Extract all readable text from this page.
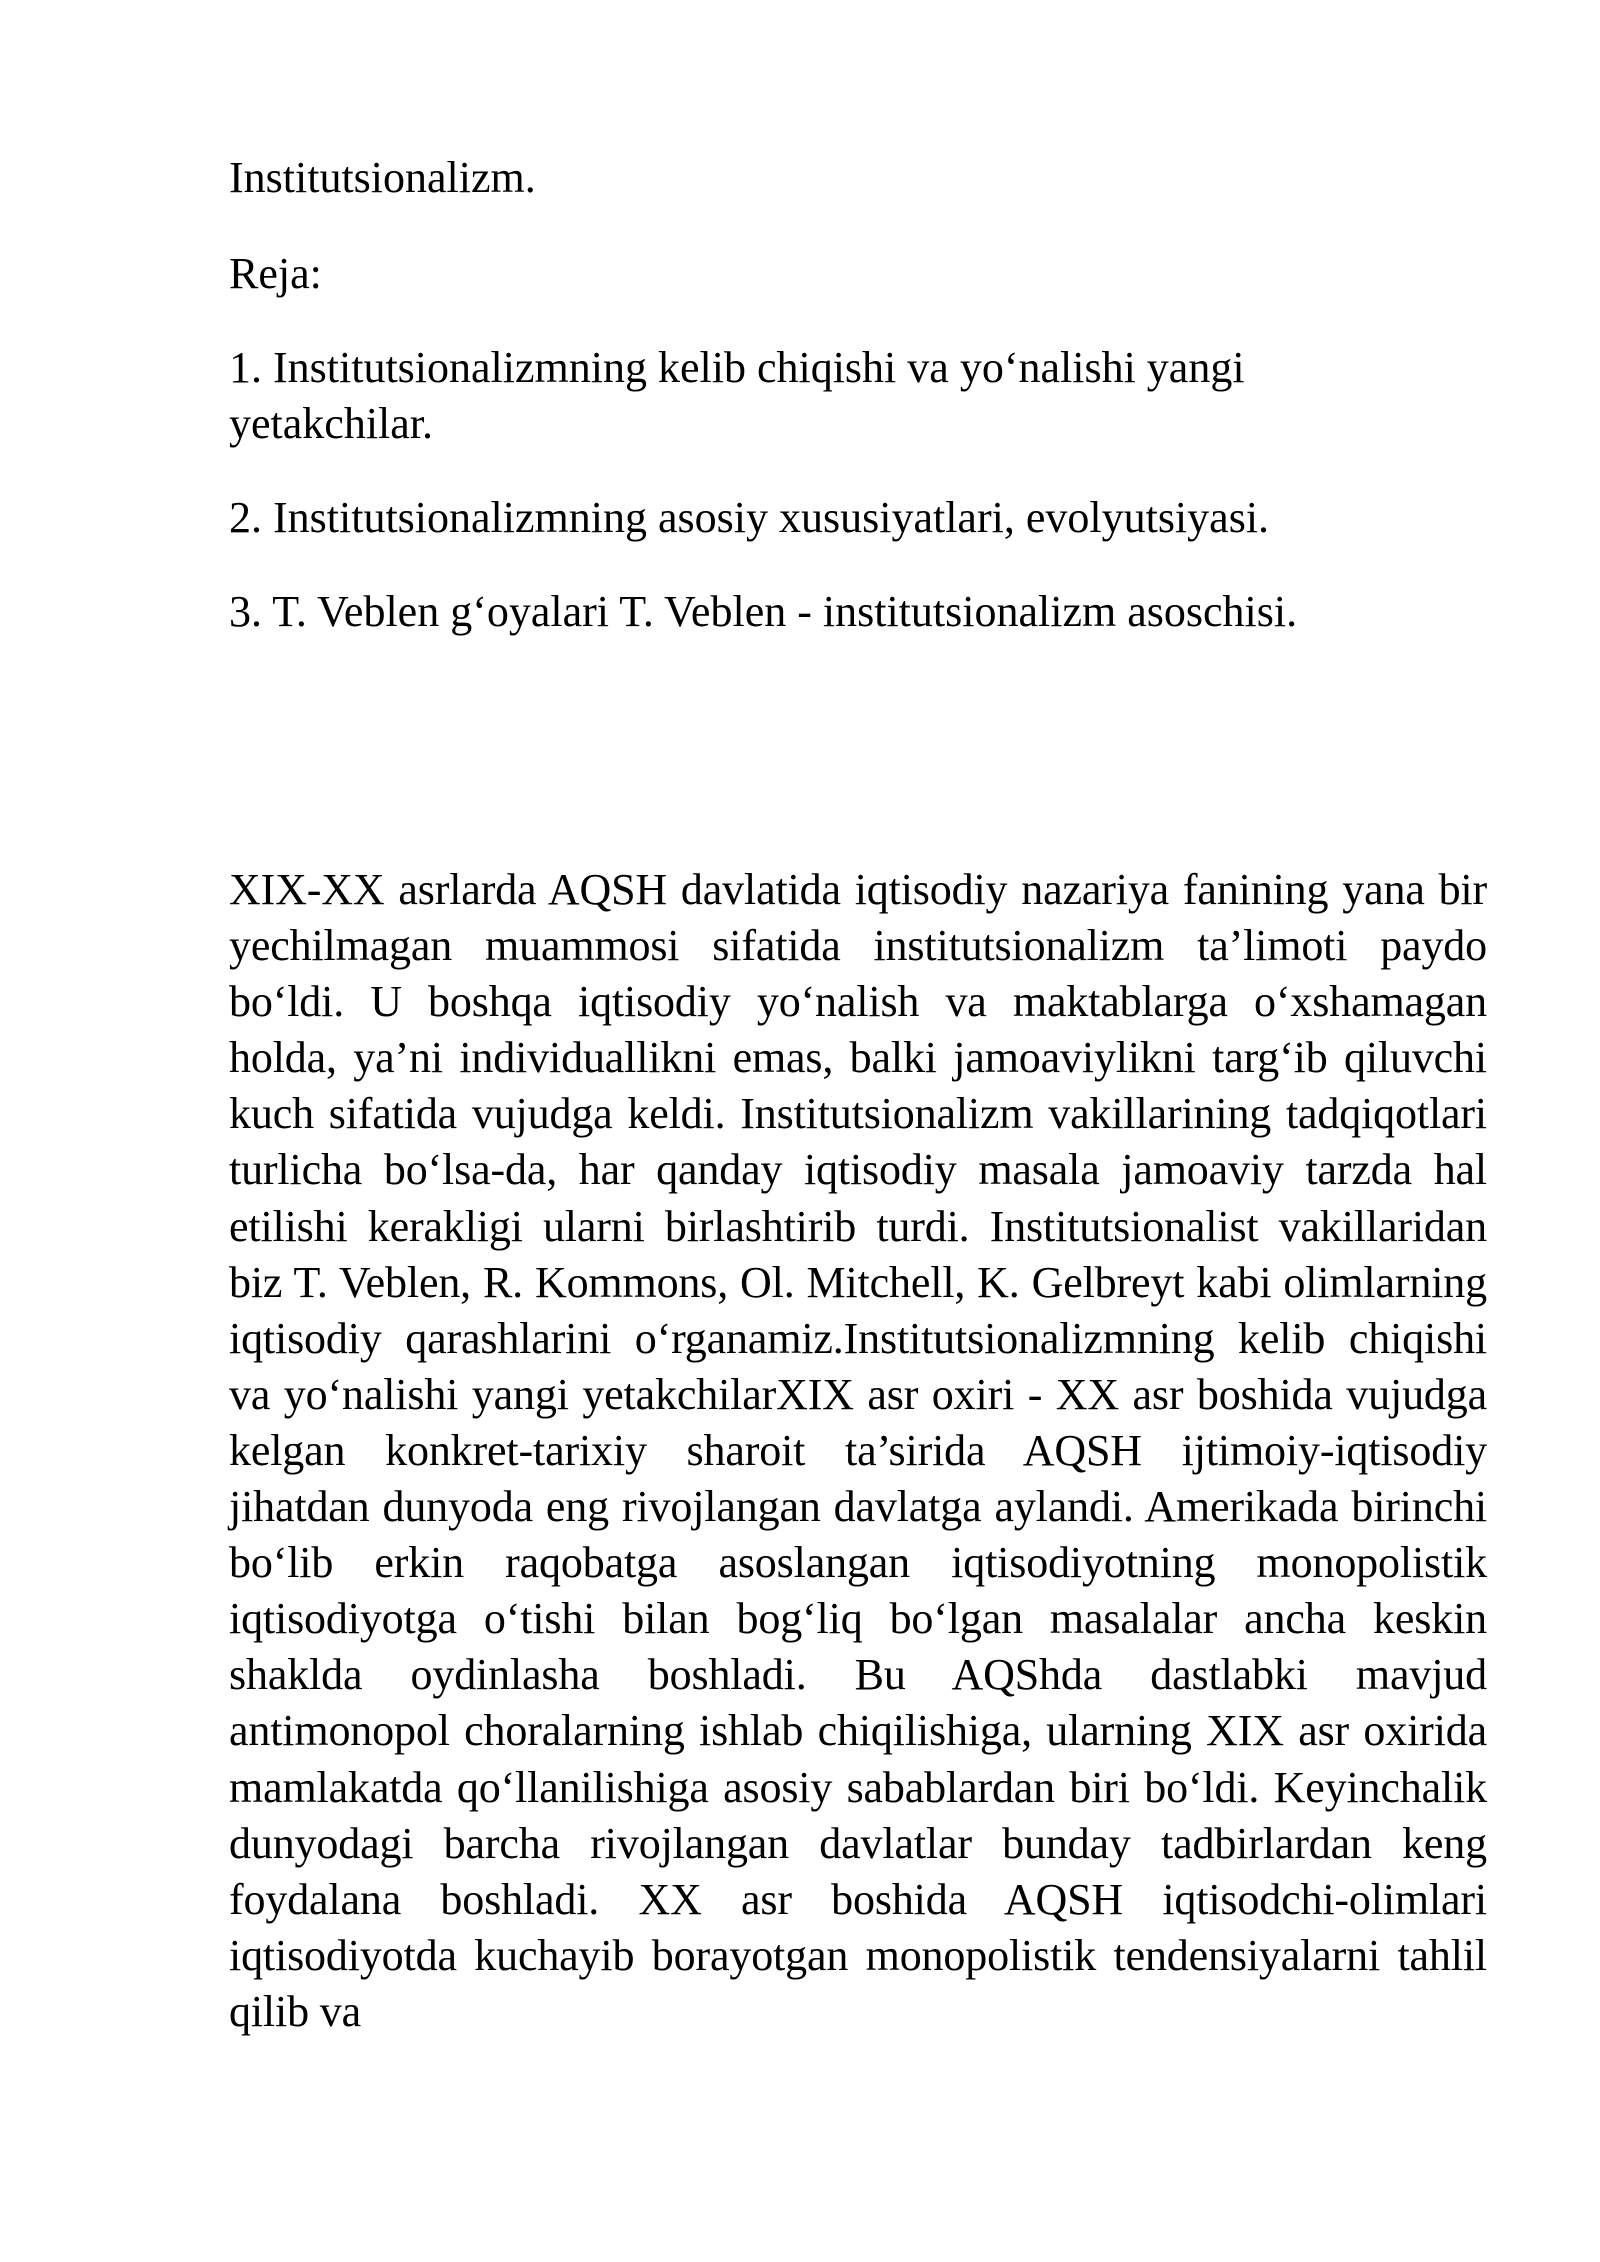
Institutsionalizm.

Reja:

1. Institutsionalizmning kelib chiqishi va yo‘nalishi yangi yetakchilar.
2. Institutsionalizmning asosiy xususiyatlari, evolyutsiyasi.
3. T. Veblen g‘oyalari T. Veblen - institutsionalizm asoschisi.

XIX-XX asrlarda AQSH davlatida iqtisodiy nazariya fanining yana bir yechilmagan muammosi sifatida institutsionalizm ta’limoti paydo bo‘ldi. U boshqa iqtisodiy yo‘nalish va maktablarga o‘xshamagan holda, ya’ni individuallikni emas, balki jamoaviylikni targ‘ib qiluvchi kuch sifatida vujudga keldi. Institutsionalizm vakillarining tadqiqotlari turlicha bo‘lsa-da, har qanday iqtisodiy masala jamoaviy tarzda hal etilishi kerakligi ularni birlashtirib turdi. Institutsionalist vakillaridan biz T. Veblen, R. Kommons, Ol. Mitchell, K. Gelbreyt kabi olimlarning iqtisodiy qarashlarini o‘rganamiz.Institutsionalizmning kelib chiqishi va yo‘nalishi yangi yetakchilarXIX asr oxiri - XX asr boshida vujudga kelgan konkret-tarixiy sharoit ta’sirida AQSH ijtimoiy-iqtisodiy jihatdan dunyoda eng rivojlangan davlatga aylandi. Amerikada birinchi bo‘lib erkin raqobatga asoslangan iqtisodiyotning monopolistik iqtisodiyotga o‘tishi bilan bog‘liq bo‘lgan masalalar ancha keskin shaklda oydinlasha boshladi. Bu AQShda dastlabki mavjud antimonopol choralarning ishlab chiqilishiga, ularning XIX asr oxirida mamlakatda qo‘llanilishiga asosiy sabablardan biri bo‘ldi. Keyinchalik dunyodagi barcha rivojlangan davlatlar bunday tadbirlardan keng foydalana boshladi. XX asr boshida AQSH iqtisodchi-olimlari iqtisodiyotda kuchayib borayotgan monopolistik tendensiyalarni tahlil qilib va
